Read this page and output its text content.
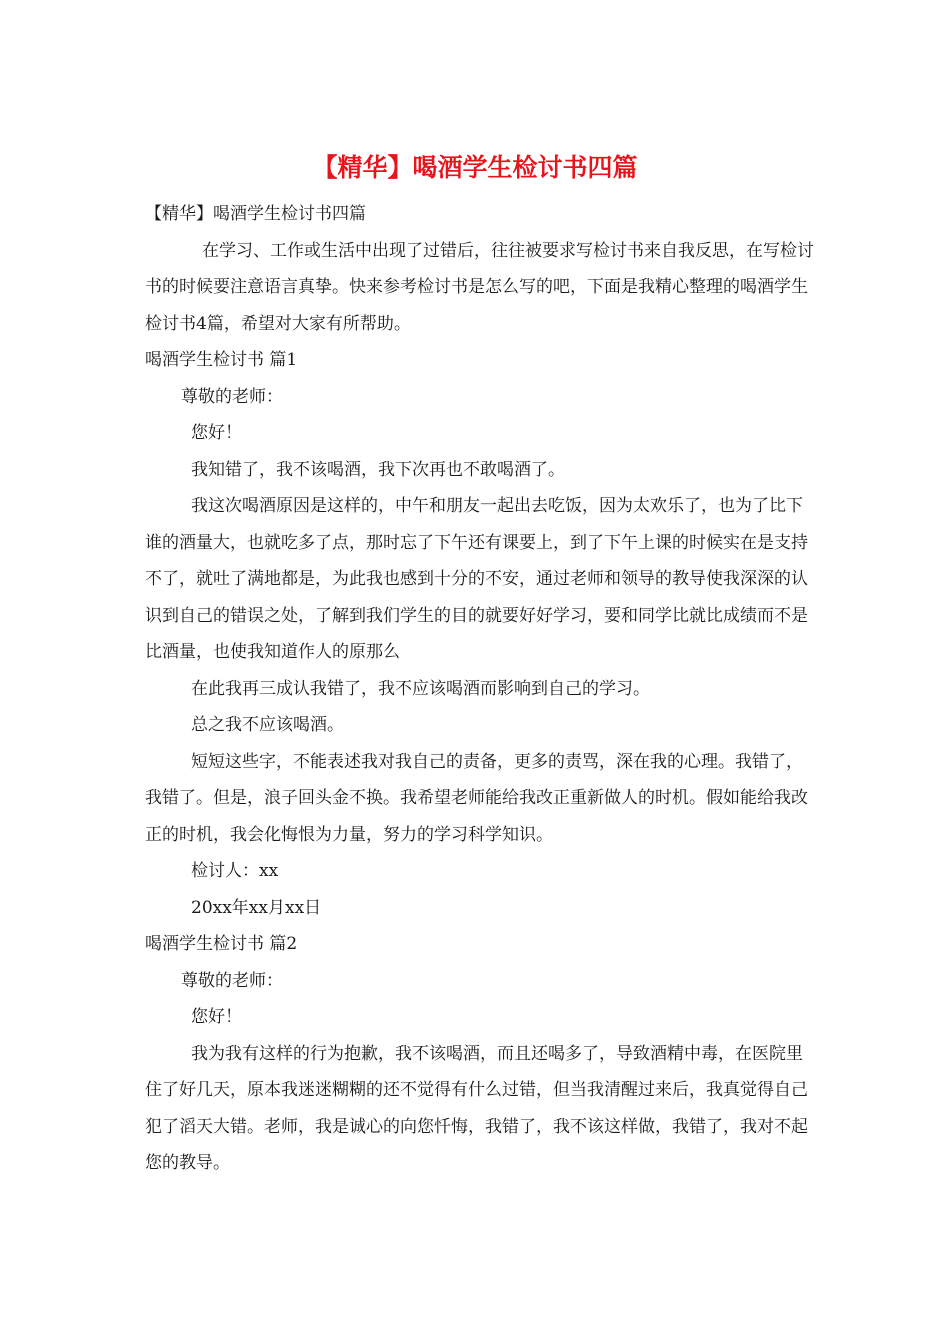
【精华】喝酒学生检讨书四篇

【精华】喝酒学生检讨书四篇

在学习、工作或生活中出现了过错后，往往被要求写检讨书来自我反思，在写检讨书的时候要注意语言真挚。快来参考检讨书是怎么写的吧，下面是我精心整理的喝酒学生检讨书4篇，希望对大家有所帮助。

喝酒学生检讨书 篇1

尊敬的老师：

您好！

我知错了，我不该喝酒，我下次再也不敢喝酒了。

我这次喝酒原因是这样的，中午和朋友一起出去吃饭，因为太欢乐了，也为了比下谁的酒量大，也就吃多了点，那时忘了下午还有课要上，到了下午上课的时候实在是支持不了，就吐了满地都是，为此我也感到十分的不安，通过老师和领导的教导使我深深的认识到自己的错误之处，了解到我们学生的目的就要好好学习，要和同学比就比成绩而不是比酒量，也使我知道作人的原那么

在此我再三成认我错了，我不应该喝酒而影响到自己的学习。

总之我不应该喝酒。

短短这些字，不能表述我对我自己的责备，更多的责骂，深在我的心理。我错了，我错了。但是，浪子回头金不换。我希望老师能给我改正重新做人的时机。假如能给我改正的时机，我会化悔恨为力量，努力的学习科学知识。

检讨人：xx

20xx年xx月xx日

喝酒学生检讨书 篇2

尊敬的老师：

您好！

我为我有这样的行为抱歉，我不该喝酒，而且还喝多了，导致酒精中毒，在医院里住了好几天，原本我迷迷糊糊的还不觉得有什么过错，但当我清醒过来后，我真觉得自己犯了滔天大错。老师，我是诚心的向您忏悔，我错了，我不该这样做，我错了，我对不起您的教导。
